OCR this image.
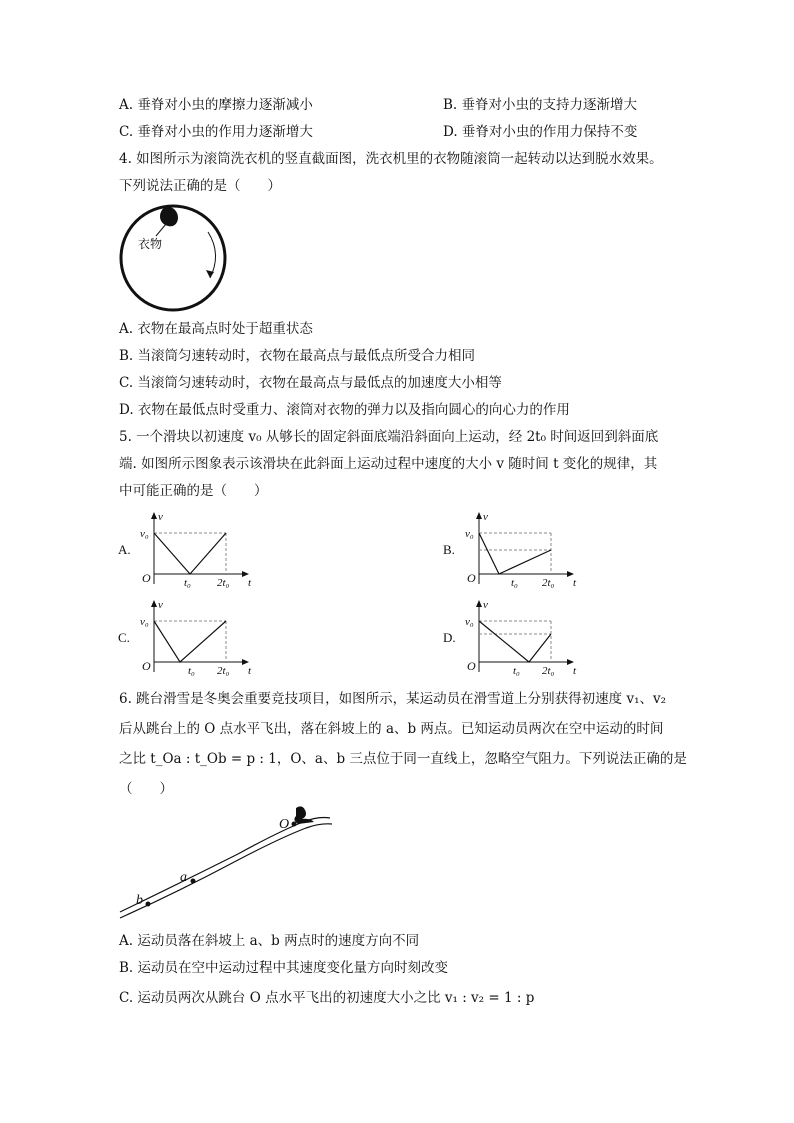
A. 垂脊对小虫的摩擦力逐渐减小	B. 垂脊对小虫的支持力逐渐增大
C. 垂脊对小虫的作用力逐渐增大	D. 垂脊对小虫的作用力保持不变
4. 如图所示为滚筒洗衣机的竖直截面图，洗衣机里的衣物随滚筒一起转动以达到脱水效果。
下列说法正确的是（　　）
衣物
A. 衣物在最高点时处于超重状态
B. 当滚筒匀速转动时，衣物在最高点与最低点所受合力相同
C. 当滚筒匀速转动时，衣物在最高点与最低点的加速度大小相等
D. 衣物在最低点时受重力、滚筒对衣物的弹力以及指向圆心的向心力的作用
5. 一个滑块以初速度 v₀ 从够长的固定斜面底端沿斜面向上运动，经 2t₀ 时间返回到斜面底
端. 如图所示图象表示该滑块在此斜面上运动过程中速度的大小 v 随时间 t 变化的规律，其
中可能正确的是（　　）
A.
v
t
O
v₀
t₀ 2t₀
B.
v
t
O
v₀
t₀ 2t₀
C.
v
t
O
v₀
t₀ 2t₀
D.
v
t
O
v₀
t₀ 2t₀
6. 跳台滑雪是冬奥会重要竞技项目，如图所示，某运动员在滑雪道上分别获得初速度 v₁、v₂
后从跳台上的 O 点水平飞出，落在斜坡上的 a、b 两点。已知运动员两次在空中运动的时间
之比 t_Oa : t_Ob = p : 1，O、a、b 三点位于同一直线上，忽略空气阻力。下列说法正确的是
（　　）
O
a
b
A. 运动员落在斜坡上 a、b 两点时的速度方向不同
B. 运动员在空中运动过程中其速度变化量方向时刻改变
C. 运动员两次从跳台 O 点水平飞出的初速度大小之比 v₁ : v₂ = 1 : p
